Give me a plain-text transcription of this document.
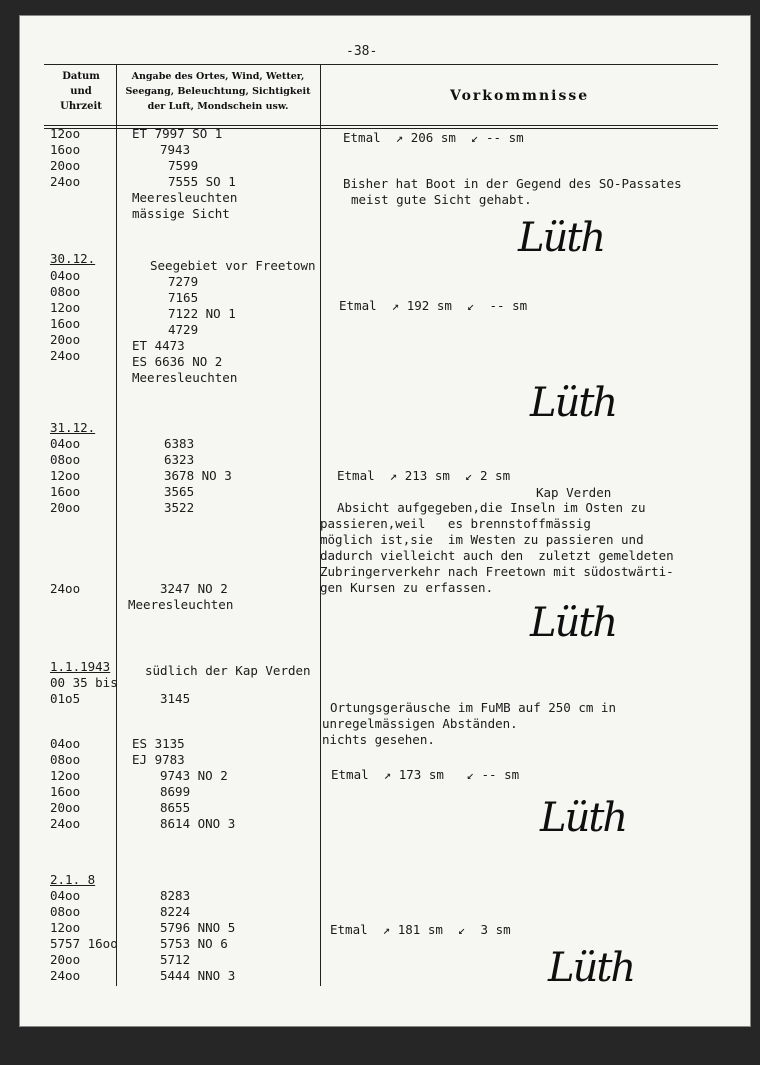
-38-
Datum
und
Uhrzeit
Angabe des Ortes, Wind, Wetter,
Seegang, Beleuchtung, Sichtigkeit
der Luft, Mondschein usw.
Vorkommnisse
12oo
16oo
20oo
24oo
30.12.
04oo
08oo
12oo
16oo
20oo
24oo
31.12.
04oo
08oo
12oo
16oo
20oo
24oo
1.1.1943
00 35 bis
01o5
04oo
08oo
12oo
16oo
20oo
24oo
2.1. 8
04oo
08oo
12oo
5757 16oo
20oo
24oo
ET 7997 SO 1
7943
7599
7555 SO 1
Meeresleuchten
mässige Sicht
Seegebiet vor Freetown
7279
7165
7122 NO 1
4729
ET 4473
ES 6636 NO 2
Meeresleuchten
6383
6323
3678 NO 3
3565
3522
3247 NO 2
Meeresleuchten
südlich der Kap Verden
3145
ES 3135
EJ 9783
9743 NO 2
8699
8655
8614 ONO 3
8283
8224
5796 NNO 5
5753 NO 6
5712
5444 NNO 3
Etmal  ↗ 206 sm  ↙ -- sm
Bisher hat Boot in der Gegend des SO-Passates
meist gute Sicht gehabt.
Etmal  ↗ 192 sm  ↙  -- sm
Etmal  ↗ 213 sm  ↙ 2 sm
Kap Verden
Absicht aufgegeben,die Inseln im Osten zu
passieren,weil   es brennstoffmässig
möglich ist,sie  im Westen zu passieren und
dadurch vielleicht auch den  zuletzt gemeldeten
Zubringerverkehr nach Freetown mit südostwärti-
gen Kursen zu erfassen.
Ortungsgeräusche im FuMB auf 250 cm in
unregelmässigen Abständen.
nichts gesehen.
Etmal  ↗ 173 sm   ↙ -- sm
Etmal  ↗ 181 sm  ↙  3 sm
Lüth
Lüth
Lüth
Lüth
Lüth
